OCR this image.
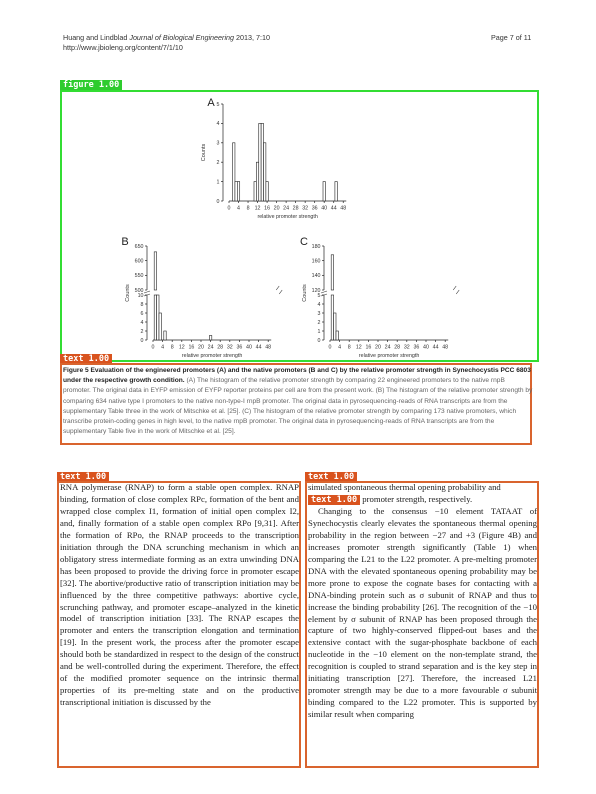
Huang and Lindblad Journal of Biological Engineering 2013, 7:10
http://www.jbioleng.org/content/7/1/10
Page 7 of 11
figure 1.00
A
0 4 8 12 16 20 24 28 32 36 40 44 48
relative promoter strength
0
1
2
3
4
5
Counts
B
0 4 8 12 16 20 24 28 32 36 40 44 48
relative promoter strength
0
2
4
6
8
10
500
550
600
650
Counts
C
0 4 8 12 16 20 24 28 32 36 40 44 48
relative promoter strength
0
1
2
3
4
5
120
140
160
180
Counts
text 1.00
Figure 5 Evaluation of the engineered promoters (A) and the native promoters (B and C) by the relative promoter strength in Synechocystis PCC 6803 under the respective growth condition. (A) The histogram of the relative promoter strength by comparing 22 engineered promoters to the native rnpB promoter. The original data in EYFP emission of EYFP reporter proteins per cell are from the present work. (B) The histogram of the relative promoter strength by comparing 634 native type I promoters to the native non-type-I rnpB promoter. The original data in pyrosequencing-reads of RNA transcripts are from the supplementary Table three in the work of Mitschke et al. [25]. (C) The histogram of the relative promoter strength by comparing 173 native promoters, which transcribe protein-coding genes in high level, to the native rnpB promoter. The original data in pyrosequencing-reads of RNA transcripts are from the supplementary Table five in the work of Mitschke et al. [25].
text 1.00

RNA polymerase (RNAP) to form a stable open complex. RNAP binding, formation of close complex RPc, formation of the bent and wrapped close complex I1, formation of initial open complex I2, and, finally formation of a stable open complex RPo [9,31]. After the formation of RPo, the RNAP proceeds to the transcription initiation through the DNA scrunching mechanism in which an obligatory stress intermediate forming as an extra unwinding DNA has been proposed to provide the driving force in promoter escape [32]. The abortive/productive ratio of transcription initiation may be influenced by the three competitive pathways: abortive cycle, scrunching pathway, and promoter escape–analyzed in the kinetic model of transcription initiation [33]. The RNAP escapes the promoter and enters the transcription elongation and termination [19]. In the present work, the process after the promoter escape should both be standardized in respect to the design of the construct and be well-controlled during the experiment. Therefore, the effect of the modified promoter sequence on the intrinsic thermal properties of its pre-melting state and on the productive transcriptional initiation is discussed by the

text 1.00

simulated spontaneous thermal opening probability and

text 1.00 promoter strength, respectively.

Changing to the consensus −10 element TATAAT of Synechocystis clearly elevates the spontaneous thermal opening probability in the region between −27 and +3 (Figure 4B) and increases promoter strength significantly (Table 1) when comparing the L21 to the L22 promoter. A pre-melting promoter DNA with the elevated spontaneous opening probability may be more prone to expose the cognate bases for contacting with a DNA-binding protein such as σ subunit of RNAP and thus to increase the binding probability [26]. The recognition of the −10 element by σ subunit of RNAP has been proposed through the capture of two highly-conserved flipped-out bases and the extensive contact with the sugar-phosphate backbone of each nucleotide in the −10 element on the non-template strand, the recognition is coupled to strand separation and is the key step in initiating transcription [27]. Therefore, the increased L21 promoter strength may be due to a more favourable σ subunit binding compared to the L22 promoter. This is supported by similar result when comparing
